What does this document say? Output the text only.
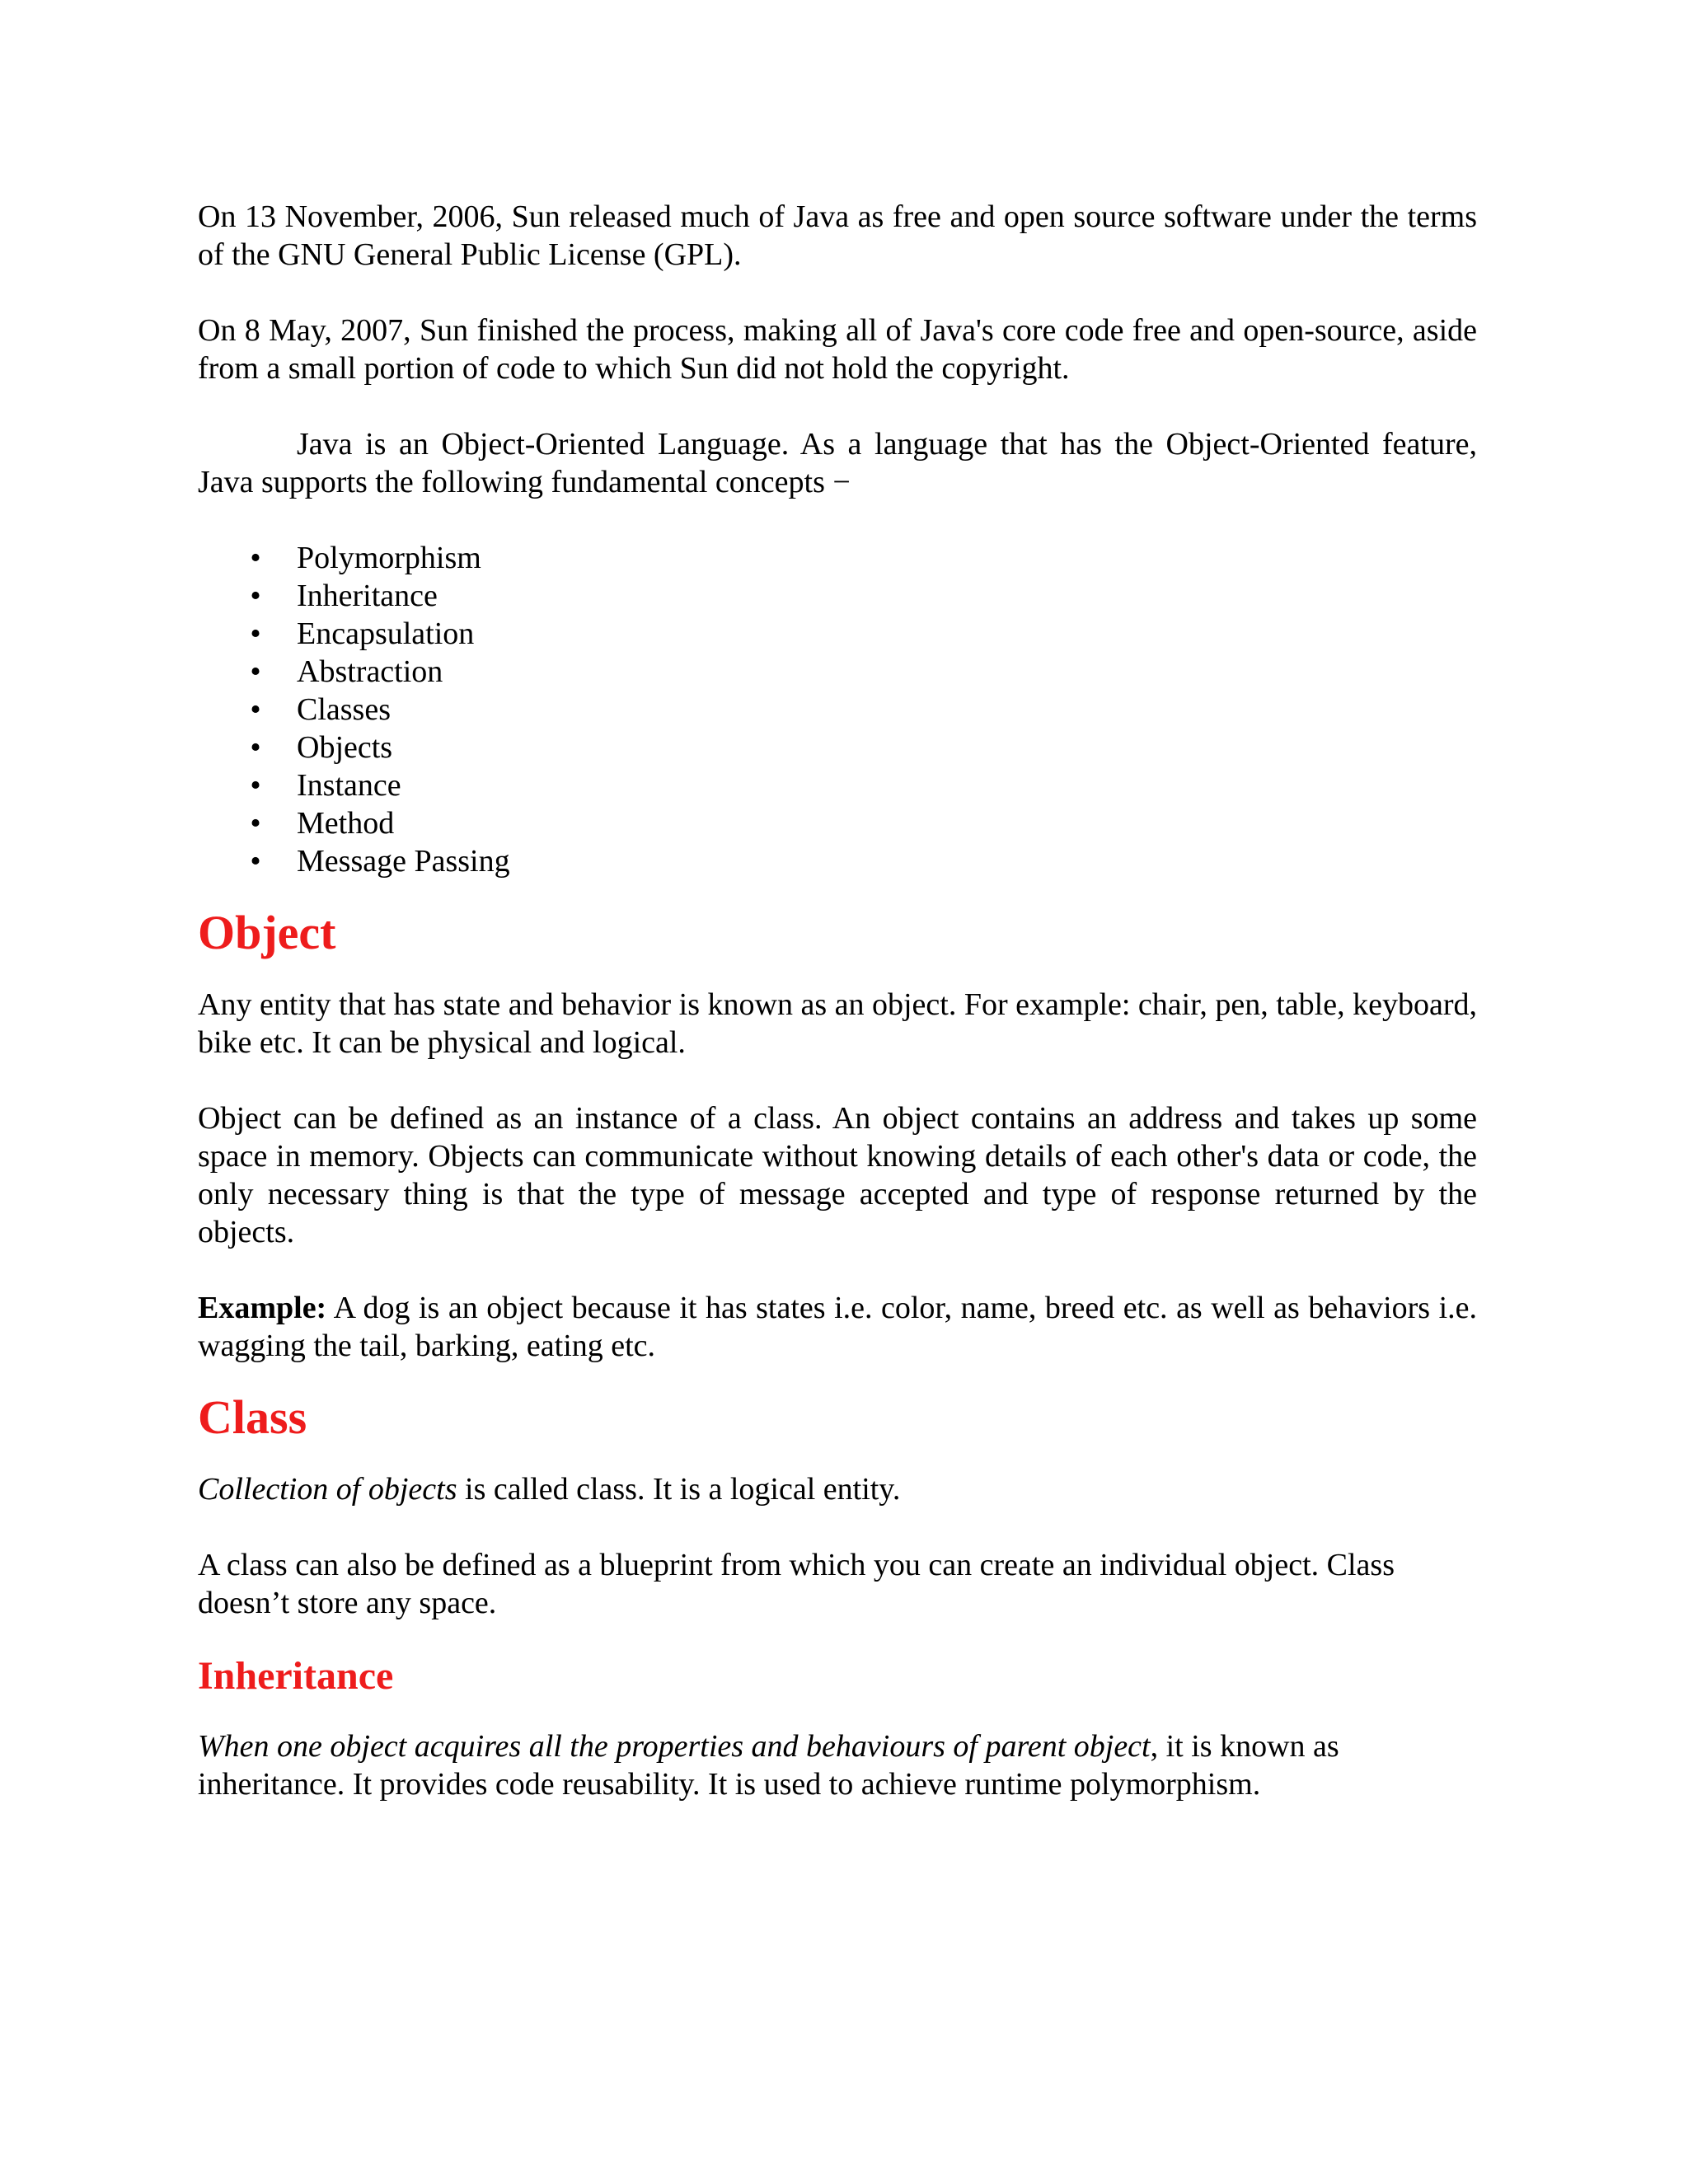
On 13 November, 2006, Sun released much of Java as free and open source software under the terms of the GNU General Public License (GPL).

On 8 May, 2007, Sun finished the process, making all of Java's core code free and open-source, aside from a small portion of code to which Sun did not hold the copyright.

Java is an Object-Oriented Language. As a language that has the Object-Oriented feature, Java supports the following fundamental concepts −

• Polymorphism
• Inheritance
• Encapsulation
• Abstraction
• Classes
• Objects
• Instance
• Method
• Message Passing
Object

Any entity that has state and behavior is known as an object. For example: chair, pen, table, keyboard, bike etc. It can be physical and logical.

Object can be defined as an instance of a class. An object contains an address and takes up some space in memory. Objects can communicate without knowing details of each other's data or code, the only necessary thing is that the type of message accepted and type of response returned by the objects.

Example: A dog is an object because it has states i.e. color, name, breed etc. as well as behaviors i.e. wagging the tail, barking, eating etc.

Class

Collection of objects is called class. It is a logical entity.

A class can also be defined as a blueprint from which you can create an individual object. Class doesn’t store any space.

Inheritance

When one object acquires all the properties and behaviours of parent object, it is known as inheritance. It provides code reusability. It is used to achieve runtime polymorphism.
